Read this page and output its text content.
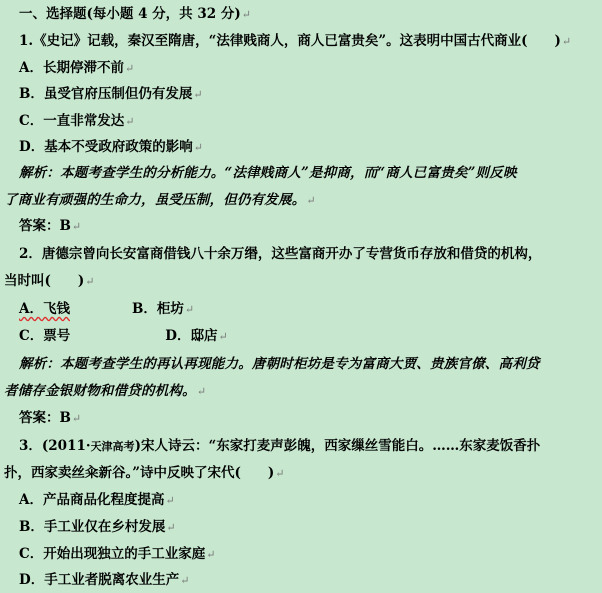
一、选择题(每小题 4 分，共 32 分)↵
1.《史记》记载，秦汉至隋唐，“法律贱商人，商人已富贵矣”。这表明中国古代商业(　　)↵
A．长期停滞不前↵
B．虽受官府压制但仍有发展↵
C．一直非常发达↵
D．基本不受政府政策的影响↵
解析：本题考查学生的分析能力。“法律贱商人”是抑商，而“商人已富贵矣”则反映
了商业有顽强的生命力，虽受压制，但仍有发展。↵
答案：B↵
2．唐德宗曾向长安富商借钱八十余万缗，这些富商开办了专营货币存放和借贷的机构，
当时叫(　　)↵
A．飞钱	B．柜坊↵
C．票号	D．邸店↵
解析：本题考查学生的再认再现能力。唐朝时柜坊是专为富商大贾、贵族官僚、高利贷
者储存金银财物和借贷的机构。↵
答案：B↵
3．(2011·天津高考)宋人诗云：“东家打麦声彭魄，西家缫丝雪能白。……东家麦饭香扑
扑，西家卖丝籴新谷。”诗中反映了宋代(　　)↵
A．产品商品化程度提高↵
B．手工业仅在乡村发展↵
C．开始出现独立的手工业家庭↵
D．手工业者脱离农业生产↵
